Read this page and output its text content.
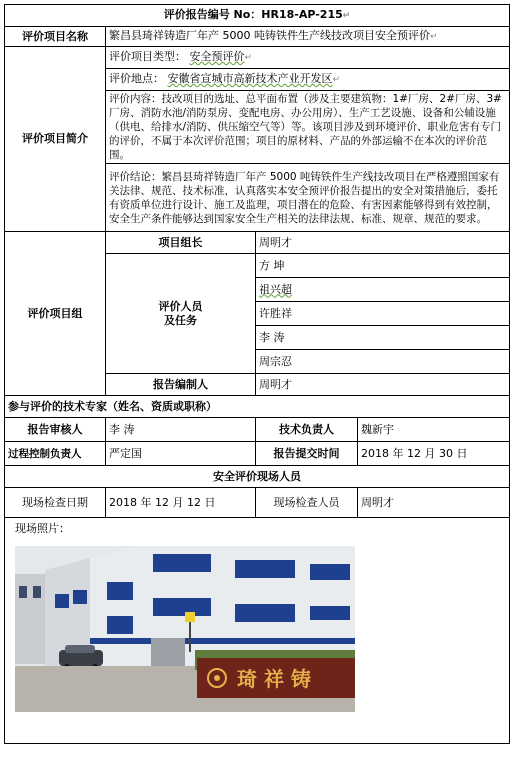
评价报告编号 No：HR18-AP-215↵			
评价项目名称	繁昌县琦祥铸造厂年产 5000 吨铸铁件生产线技改项目安全预评价↵		
评价项目简介	评价项目类型： 安全预评价↵		
	评价地点： 安徽省宣城市高新技术产业开发区↵		
	评价内容：技改项目的选址、总平面布置（涉及主要建筑物：1#厂房、2#厂房、3#厂房、消防水池/消防泵房、变配电房、办公用房）、生产工艺设施、设备和公辅设施（供电、给排水/消防、供压缩空气等）等。该项目涉及到环境评价、职业危害有专门的评价，不属于本次评价范围；项目的原材料、产品的外部运输不在本次的评价范围。		
	评价结论：繁昌县琦祥铸造厂年产 5000 吨铸铁件生产线技改项目在严格遵照国家有关法律、规范、技术标准，认真落实本安全预评价报告提出的安全对策措施后，委托有资质单位进行设计、施工及监理，项目潜在的危险、有害因素能够得到有效控制，安全生产条件能够达到国家安全生产相关的法律法规、标准、规章、规范的要求。		
评价项目组	项目组长	周明才	

	评价人员
及任务	方 坤	
		祖兴超	
		许胜祥	
		李 涛	
		周宗忍	
	报告编制人	周明才	
参与评价的技术专家（姓名、资质或职称）			
报告审核人	李 涛	技术负责人	魏新宇
过程控制负责人	严定国	报告提交时间	2018 年 12 月 30 日
安全评价现场人员			
现场检查日期	2018 年 12 月 12 日	现场检查人员	周明才

现场照片：
琦 祥 铸			
